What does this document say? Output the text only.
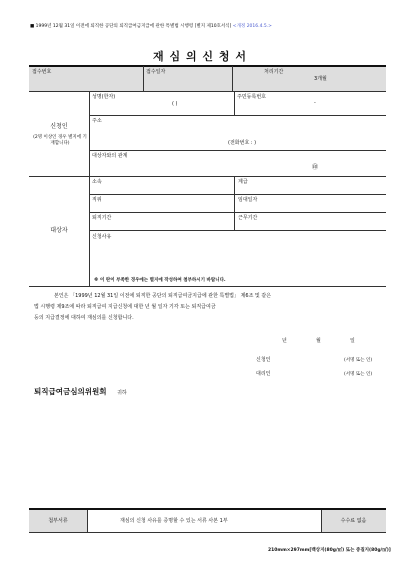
■ 1999년 12월 31일 이전에 퇴직한 공단의 퇴직급여금지급에 관한 특별법 시행령 [별지 제10호서식] <개정 2016.4.5.>
재 심 의 신 청 서
접수번호	접수일자	처리기간
3개월
신청인
(2명 이상인 경우 별지에 기재합니다)
성명(한자)
( )
주민등록번호
-
주소
(전화번호 : )
대상자와의 관계
㊞
대상자
소속	계급
직위	임대일자
퇴직기간	근무기간
신청사유
※ 이 란이 부족한 경우에는 별지에 작성하여 첨부하시기 바랍니다.
본인은 「1999년 12월 31일 이전에 퇴직한 공단의 퇴직급여금지급에 관한 특별법」 제6조 및 같은
법 시행령 제9조에 따라 퇴직급여 지급신청에 대한 년 월 일자 기각 또는 퇴직급여금
등의 지급결정에 대하여 재심의를 신청합니다.
년	월	일
신청인	(서명 또는 인)
대리인	(서명 또는 인)
퇴직급여금심의위원회 귀하
첨부서류	재심의 신청 사유를 증명할 수 있는 서류 사본 1부	수수료 없음
210mm×297mm[백상지(80g/㎡) 또는 중질지(80g/㎡)]
